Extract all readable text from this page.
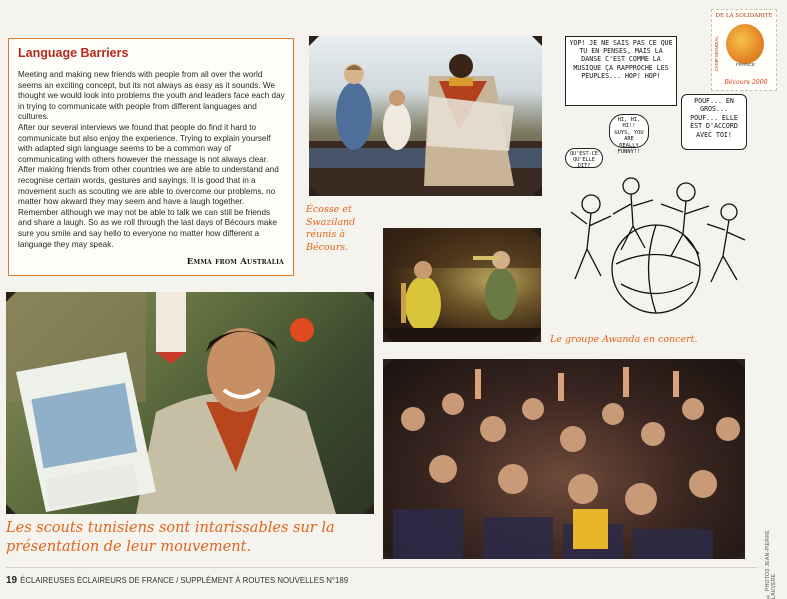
Language Barriers

Meeting and making new friends with people from all over the world seems an exciting concept, but its not always as easy as it sounds. We thought we would look into problems the youth and leaders face each day in trying to communicate with people from different languages and cultures.

After our several interviews we found that people do find it hard to communicate but also enjoy the experience. Trying to explain yourself with adapted sign language seems to be a common way of communicating with others however the message is not always clear. After making friends from other countries we are able to understand and recognise certain words, gestures and sayings. It is good that in a movement such as scouting we are able to overcome our problems, no matter how akward they may seem and have a laugh together. Remember although we may not be able to talk we can still be friends and share a laugh. So as we roll through the last days of Bécours make sure you smile and say hello to everyone no matter how different a language they may speak.

Emma from Australia
Écosse et Swaziland réunis à Bécours.
Le groupe Awanda en concert.
YOP! JE NE SAIS PAS CE QUE TU EN PENSES, MAIS LA DANSE C'EST COMME LA MUSIQUE ÇA RAPPROCHE LES PEUPLES... HOP! HOP!
POUF... EN GROS... POUF... ELLE EST D'ACCORD AVEC TOI!
HI, HI, HI!! GUYS, YOU ARE REALLY FUNNY!!
QU'EST-CE QU'ELLE DIT?
DE LA SOLIDARITÉ
CAMP MONDIAL	FRANCE
Bécours 2000
Les scouts tunisiens sont intarissables sur la présentation de leur mouvement.	© PHOTOS JEAN-PIERRE LAUVERE
19 ÉCLAIREUSES ÉCLAIREURS DE FRANCE / SUPPLÉMENT À ROUTES NOUVELLES N°189
